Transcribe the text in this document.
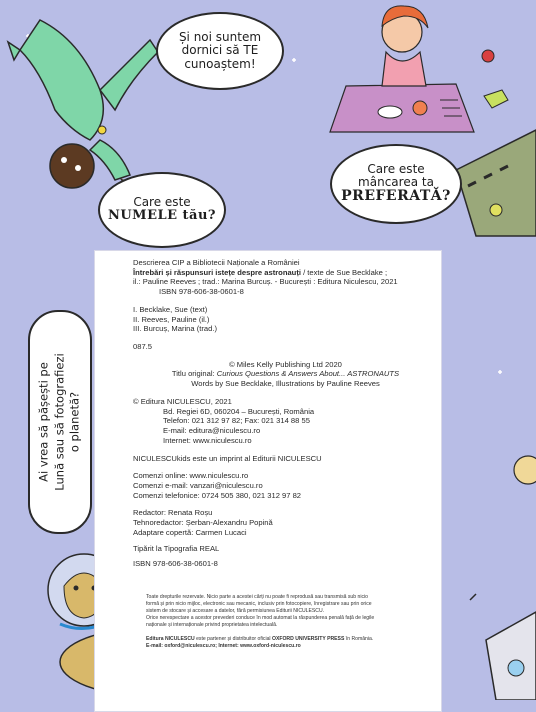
Și noi suntem
dornici să TE
cunoaștem!
Care este
NUMELE tău?
Care este
mâncarea ta
PREFERATĂ?
Ai vrea să pășești pe Lună sau să fotografiezi o planetă?

Descrierea CIP a Bibliotecii Naționale a României

Întrebări și răspunsuri istețe despre astronauți / texte de Sue Becklake ;

il.: Pauline Reeves ; trad.: Marina Burcuș. - București : Editura Niculescu, 2021

ISBN 978-606-38-0601-8

I. Becklake, Sue (text)

II. Reeves, Pauline (il.)

III. Burcuș, Marina (trad.)

087.5

© Miles Kelly Publishing Ltd 2020

Titlu original: Curious Questions & Answers About... ASTRONAUTS

Words by Sue Becklake, Illustrations by Pauline Reeves

© Editura NICULESCU, 2021

Bd. Regiei 6D, 060204 – București, România

Telefon: 021 312 97 82; Fax: 021 314 88 55

E-mail: editura@niculescu.ro

Internet: www.niculescu.ro

NICULESCUkids este un imprint al Editurii NICULESCU

Comenzi online: www.niculescu.ro

Comenzi e-mail: vanzari@niculescu.ro

Comenzi telefonice: 0724 505 380, 021 312 97 82

Redactor: Renata Roșu

Tehnoredactor: Șerban-Alexandru Popină

Adaptare copertă: Carmen Lucaci

Tipărit la Tipografia REAL

ISBN 978-606-38-0601-8

Toate drepturile rezervate. Nicio parte a acestei cărți nu poate fi reprodusă sau transmisă sub nicio
formă și prin nicio mijloc, electronic sau mecanic, inclusiv prin fotocopiere, înregistrare sau prin orice
sistem de stocare și accesare a datelor, fără permisiunea Editurii NICULESCU.
Orice nerespectare a acestor prevederi conduce în mod automat la răspunderea penală față de legile
naționale și internaționale privind proprietatea intelectuală.
Editura NICULESCU este partener și distribuitor oficial OXFORD UNIVERSITY PRESS în România.
E-mail: oxford@niculescu.ro; Internet: www.oxford-niculescu.ro
